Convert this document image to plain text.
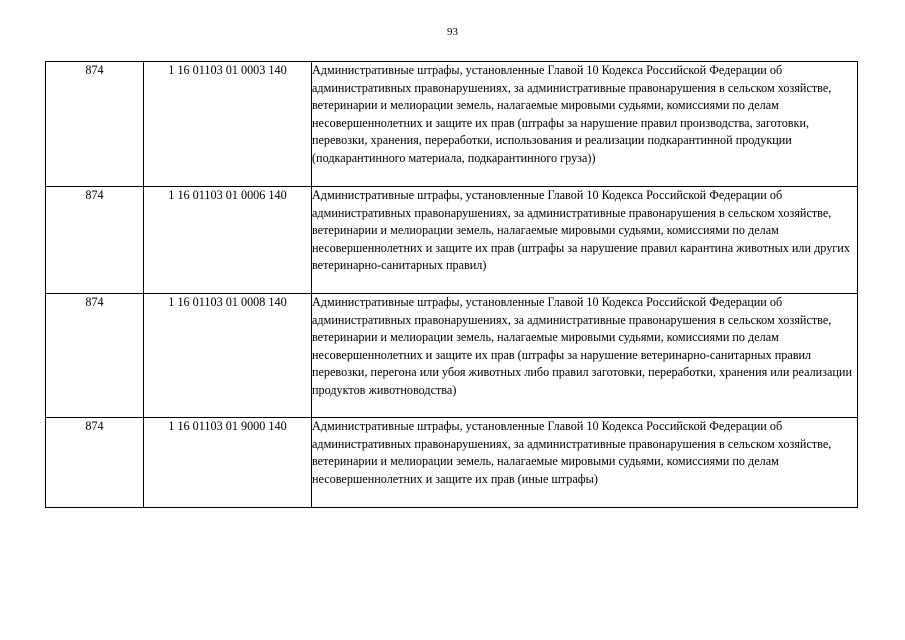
93
874	1 16 01103 01 0003 140	Административные штрафы, установленные Главой 10 Кодекса Российской Федерации об административных правонарушениях, за административные правонарушения в сельском хозяйстве, ветеринарии и мелиорации земель, налагаемые мировыми судьями, комиссиями по делам несовершеннолетних и защите их прав (штрафы за нарушение правил производства, заготовки, перевозки, хранения, переработки, использования и реализации подкарантинной продукции (подкарантинного материала, подкарантинного груза))
874	1 16 01103 01 0006 140	Административные штрафы, установленные Главой 10 Кодекса Российской Федерации об административных правонарушениях, за административные правонарушения в сельском хозяйстве, ветеринарии и мелиорации земель, налагаемые мировыми судьями, комиссиями по делам несовершеннолетних и защите их прав (штрафы за нарушение правил карантина животных или других ветеринарно-санитарных правил)
874	1 16 01103 01 0008 140	Административные штрафы, установленные Главой 10 Кодекса Российской Федерации об административных правонарушениях, за административные правонарушения в сельском хозяйстве, ветеринарии и мелиорации земель, налагаемые мировыми судьями, комиссиями по делам несовершеннолетних и защите их прав (штрафы за нарушение ветеринарно-санитарных правил перевозки, перегона или убоя животных либо правил заготовки, переработки, хранения или реализации продуктов животноводства)
874	1 16 01103 01 9000 140	Административные штрафы, установленные Главой 10 Кодекса Российской Федерации об административных правонарушениях, за административные правонарушения в сельском хозяйстве, ветеринарии и мелиорации земель, налагаемые мировыми судьями, комиссиями по делам несовершеннолетних и защите их прав (иные штрафы)
